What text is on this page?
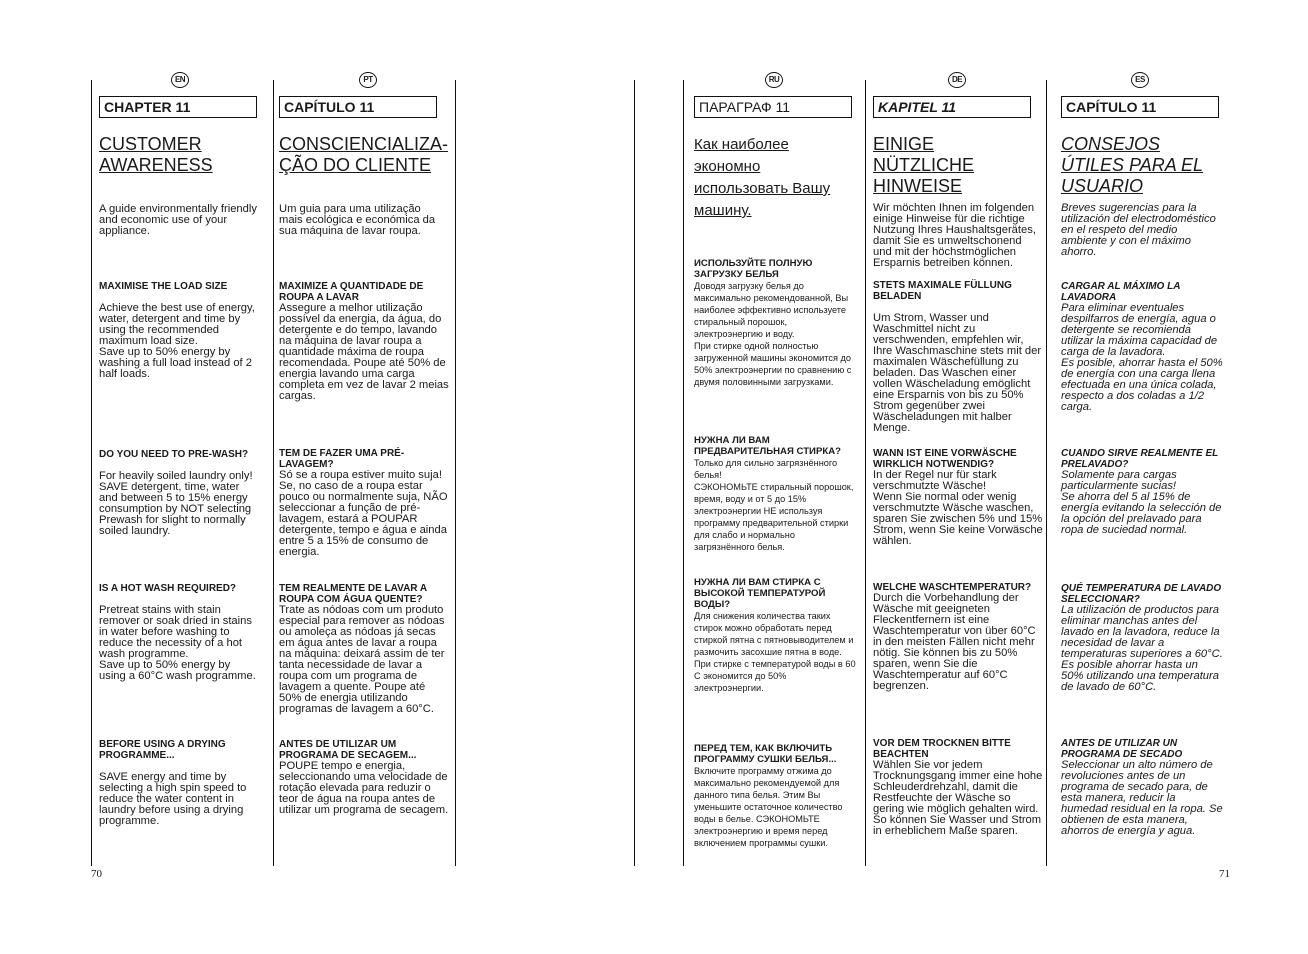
EN	PT	RU	DE	ES
CHAPTER 11
CUSTOMER AWARENESS
A guide environmentally friendly and economic use of your appliance.
MAXIMISE THE LOAD SIZE
Achieve the best use of energy, water, detergent and time by using the recommended maximum load size.
Save up to 50% energy by washing a full load instead of 2 half loads.
DO YOU NEED TO PRE-WASH?
For heavily soiled laundry only!
SAVE detergent, time, water and between 5 to 15% energy consumption by NOT selecting Prewash for slight to normally soiled laundry.
IS A HOT WASH REQUIRED?
Pretreat stains with stain remover or soak dried in stains in water before washing to reduce the necessity of a hot wash programme.
Save up to 50% energy by using a 60°C wash programme.
BEFORE USING A DRYING PROGRAMME...
SAVE energy and time by selecting a high spin speed to reduce the water content in laundry before using a drying programme.
CAPÍTULO 11
CONSCIENCIALIZA-ÇÃO DO CLIENTE
Um guia para uma utilização mais ecológica e económica da sua máquina de lavar roupa.
MAXIMIZE A QUANTIDADE DE ROUPA A LAVAR
Assegure a melhor utilização possível da energia, da água, do detergente e do tempo, lavando na máquina de lavar roupa a quantidade máxima de roupa recomendada. Poupe até 50% de energia lavando uma carga completa em vez de lavar 2 meias cargas.
TEM DE FAZER UMA PRÉ-LAVAGEM?
Só se a roupa estiver muito suja! Se, no caso de a roupa estar pouco ou normalmente suja, NÃO seleccionar a função de pré-lavagem, estará a POUPAR detergente, tempo e água e ainda entre 5 a 15% de consumo de energia.
TEM REALMENTE DE LAVAR A ROUPA COM ÁGUA QUENTE?
Trate as nódoas com um produto especial para remover as nódoas ou amoleça as nódoas já secas em água antes de lavar a roupa na máquina: deixará assim de ter tanta necessidade de lavar a roupa com um programa de lavagem a quente. Poupe até 50% de energia utilizando programas de lavagem a 60°C.
ANTES DE UTILIZAR UM PROGRAMA DE SECAGEM...
POUPE tempo e energia, seleccionando uma velocidade de rotação elevada para reduzir o teor de água na roupa antes de utilizar um programa de secagem.
ПАРАГРАФ 11
Как наиболее экономно использовать Вашу машину.
ИСПОЛЬЗУЙТЕ ПОЛНУЮ ЗАГРУЗКУ БЕЛЬЯ
Доводя загрузку белья до максимально рекомендованной, Вы наиболее эффективно используете стиральный порошок, электроэнергию и воду.
При стирке одной полностью загруженной машины экономится до 50% электроэнергии по сравнению с двумя половинными загрузками.
НУЖНА ЛИ ВАМ ПРЕДВАРИТЕЛЬНАЯ СТИРКА?
Только для сильно загрязнённого белья!
СЭКОНОМЬТЕ стиральный порошок, время, воду и от 5 до 15% электроэнергии НЕ используя программу предварительной стирки для слабо и нормально загрязнённого белья.
НУЖНА ЛИ ВАМ СТИРКА С ВЫСОКОЙ ТЕМПЕРАТУРОЙ ВОДЫ?
Для снижения количества таких стирок можно обработать перед стиркой пятна с пятновыводителем и размочить засохшие пятна в воде.
При стирке с температурой воды в 60 С экономится до 50% электроэнергии.
ПЕРЕД ТЕМ, КАК ВКЛЮЧИТЬ ПРОГРАММУ СУШКИ БЕЛЬЯ...
Включите программу отжима до максимально рекомендуемой для данного типа белья. Этим Вы уменьшите остаточное количество воды в белье. СЭКОНОМЬТЕ электроэнергию и время перед включением программы сушки.
KAPITEL 11
EINIGE NÜTZLICHE HINWEISE
Wir möchten Ihnen im folgenden einige Hinweise für die richtige Nutzung Ihres Haushaltsgerätes, damit Sie es umweltschonend und mit der höchstmöglichen Ersparnis betreiben können.
STETS MAXIMALE FÜLLUNG BELADEN
Um Strom, Wasser und Waschmittel nicht zu verschwenden, empfehlen wir, Ihre Waschmaschine stets mit der maximalen Wäschefüllung zu beladen. Das Waschen einer vollen Wäscheladung emöglicht eine Ersparnis von bis zu 50% Strom gegenüber zwei Wäscheladungen mit halber Menge.
WANN IST EINE VORWÄSCHE WIRKLICH NOTWENDIG?
In der Regel nur für stark verschmutzte Wäsche!
Wenn Sie normal oder wenig verschmutzte Wäsche waschen, sparen Sie zwischen 5% und 15% Strom, wenn Sie keine Vorwäsche wählen.
WELCHE WASCHTEMPERATUR?
Durch die Vorbehandlung der Wäsche mit geeigneten Fleckentfernern ist eine Waschtemperatur von über 60°C in den meisten Fällen nicht mehr nötig. Sie können bis zu 50% sparen, wenn Sie die Waschtemperatur auf 60°C begrenzen.
VOR DEM TROCKNEN BITTE BEACHTEN
Wählen Sie vor jedem Trocknungsgang immer eine hohe Schleuderdrehzahl, damit die Restfeuchte der Wäsche so gering wie möglich gehalten wird. So können Sie Wasser und Strom in erheblichem Maße sparen.
CAPÍTULO 11
CONSEJOS ÚTILES PARA EL USUARIO
Breves sugerencias para la utilización del electrodoméstico en el respeto del medio ambiente y con el máximo ahorro.
CARGAR AL MÁXIMO LA LAVADORA
Para eliminar eventuales despilfarros de energía, agua o detergente se recomienda utilizar la máxima capacidad de carga de la lavadora.
Es posible, ahorrar hasta el 50% de energía con una carga llena efectuada en una única colada, respecto a dos coladas a 1/2 carga.
CUANDO SIRVE REALMENTE EL PRELAVADO?
Solamente para cargas particularmente sucias!
Se ahorra del 5 al 15% de energía evitando la selección de la opción del prelavado para ropa de suciedad normal.
QUÉ TEMPERATURA DE LAVADO SELECCIONAR?
La utilización de productos para eliminar manchas antes del lavado en la lavadora, reduce la necesidad de lavar a temperaturas superiores a 60°C. Es posible ahorrar hasta un 50% utilizando una temperatura de lavado de 60°C.
ANTES DE UTILIZAR UN PROGRAMA DE SECADO
Seleccionar un alto número de revoluciones antes de un programa de secado para, de esta manera, reducir la humedad residual en la ropa. Se obtienen de esta manera, ahorros de energía y agua.
70	71
